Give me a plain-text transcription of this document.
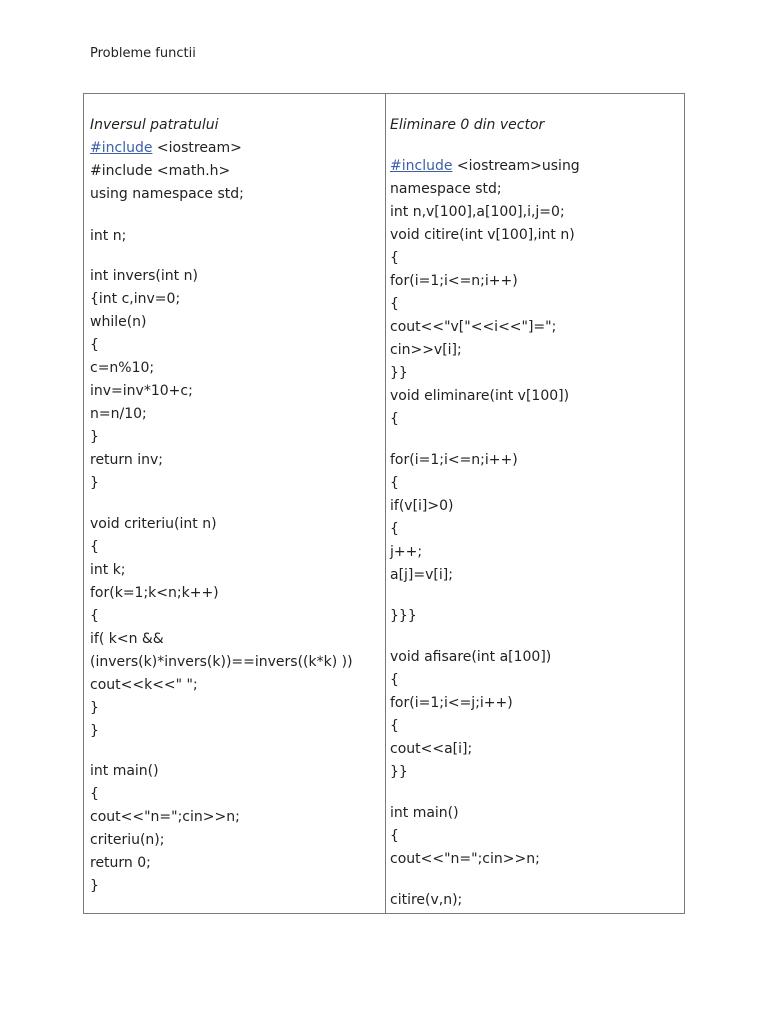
Probleme functii
Inversul patratului
#include <iostream>
#include <math.h>
using namespace std;
int n;
int invers(int n)
{int c,inv=0;
while(n)
{
c=n%10;
inv=inv*10+c;
n=n/10;
}
return inv;
}
void criteriu(int n)
{
int k;
for(k=1;k<n;k++)
{
if( k<n &&
(invers(k)*invers(k))==invers((k*k) ))
cout<<k<<" ";
}
}
int main()
{
cout<<"n=";cin>>n;
criteriu(n);
return 0;
}
Eliminare 0 din vector
#include <iostream>using
namespace std;
int n,v[100],a[100],i,j=0;
void citire(int v[100],int n)
{
for(i=1;i<=n;i++)
{
cout<<"v["<<i<<"]=";
cin>>v[i];
}}
void eliminare(int v[100])
{
for(i=1;i<=n;i++)
{
if(v[i]>0)
{
j++;
a[j]=v[i];
}}}
void afisare(int a[100])
{
for(i=1;i<=j;i++)
{
cout<<a[i];
}}
int main()
{
cout<<"n=";cin>>n;
citire(v,n);
